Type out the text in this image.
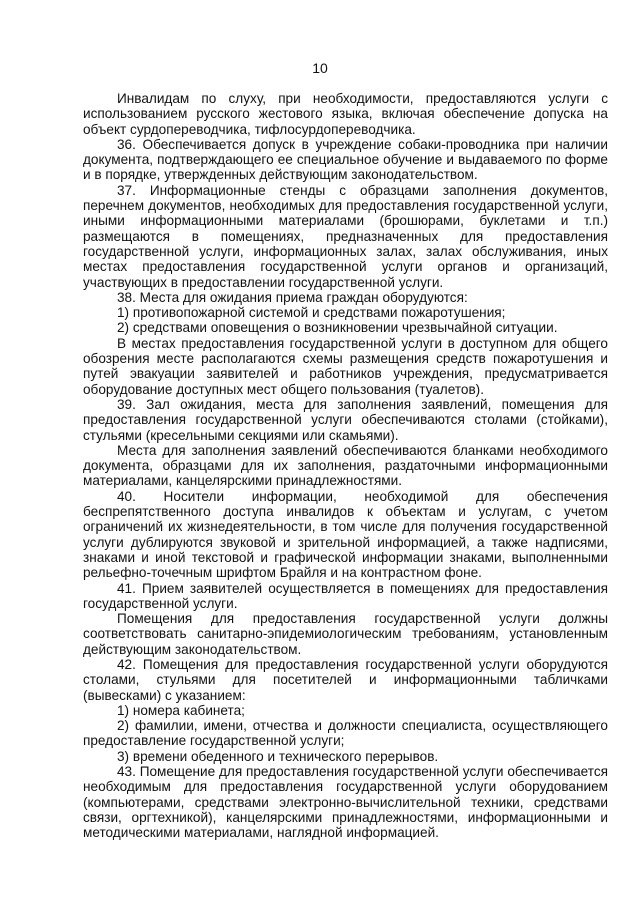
10

Инвалидам по слуху, при необходимости, предоставляются услуги с использованием русского жестового языка, включая обеспечение допуска на объект сурдопереводчика, тифлосурдопереводчика.

36. Обеспечивается допуск в учреждение собаки-проводника при наличии документа, подтверждающего ее специальное обучение и выдаваемого по форме и в порядке, утвержденных действующим законодательством.

37. Информационные стенды с образцами заполнения документов, перечнем документов, необходимых для предоставления государственной услуги, иными информационными материалами (брошюрами, буклетами и т.п.) размещаются в помещениях, предназначенных для предоставления государственной услуги, информационных залах, залах обслуживания, иных местах предоставления государственной услуги органов и организаций, участвующих в предоставлении государственной услуги.

38. Места для ожидания приема граждан оборудуются:

1) противопожарной системой и средствами пожаротушения;

2) средствами оповещения о возникновении чрезвычайной ситуации.

В местах предоставления государственной услуги в доступном для общего обозрения месте располагаются схемы размещения средств пожаротушения и путей эвакуации заявителей и работников учреждения, предусматривается оборудование доступных мест общего пользования (туалетов).

39. Зал ожидания, места для заполнения заявлений, помещения для предоставления государственной услуги обеспечиваются столами (стойками), стульями (кресельными секциями или скамьями).

Места для заполнения заявлений обеспечиваются бланками необходимого документа, образцами для их заполнения, раздаточными информационными материалами, канцелярскими принадлежностями.

40. Носители информации, необходимой для обеспечения беспрепятственного доступа инвалидов к объектам и услугам, с учетом ограничений их жизнедеятельности, в том числе для получения государственной услуги дублируются звуковой и зрительной информацией, а также надписями, знаками и иной текстовой и графической информации знаками, выполненными рельефно-точечным шрифтом Брайля и на контрастном фоне.

41. Прием заявителей осуществляется в помещениях для предоставления государственной услуги.

Помещения для предоставления государственной услуги должны соответствовать санитарно-эпидемиологическим требованиям, установленным действующим законодательством.

42. Помещения для предоставления государственной услуги оборудуются столами, стульями для посетителей и информационными табличками (вывесками) с указанием:

1) номера кабинета;

2) фамилии, имени, отчества и должности специалиста, осуществляющего предоставление государственной услуги;

3) времени обеденного и технического перерывов.

43. Помещение для предоставления государственной услуги обеспечивается необходимым для предоставления государственной услуги оборудованием (компьютерами, средствами электронно-вычислительной техники, средствами связи, оргтехникой), канцелярскими принадлежностями, информационными и методическими материалами, наглядной информацией.
